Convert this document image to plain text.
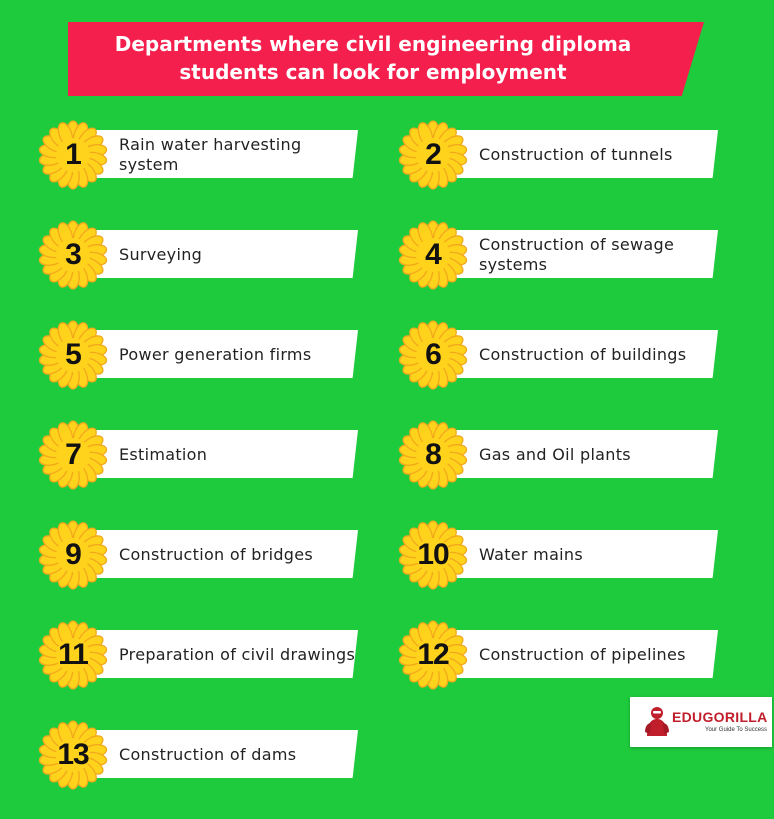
Departments where civil engineering diploma students can look for employment
Rain water harvesting system
1	Construction of tunnels
2
Surveying
3	Construction of sewage systems
4
Power generation firms
5	Construction of buildings
6
Estimation
7	Gas and Oil plants
8
Construction of bridges
9	Water mains
10
Preparation of civil drawings
11	Construction of pipelines
12
Construction of dams
13
EDUGORILLA
Your Guide To Success
